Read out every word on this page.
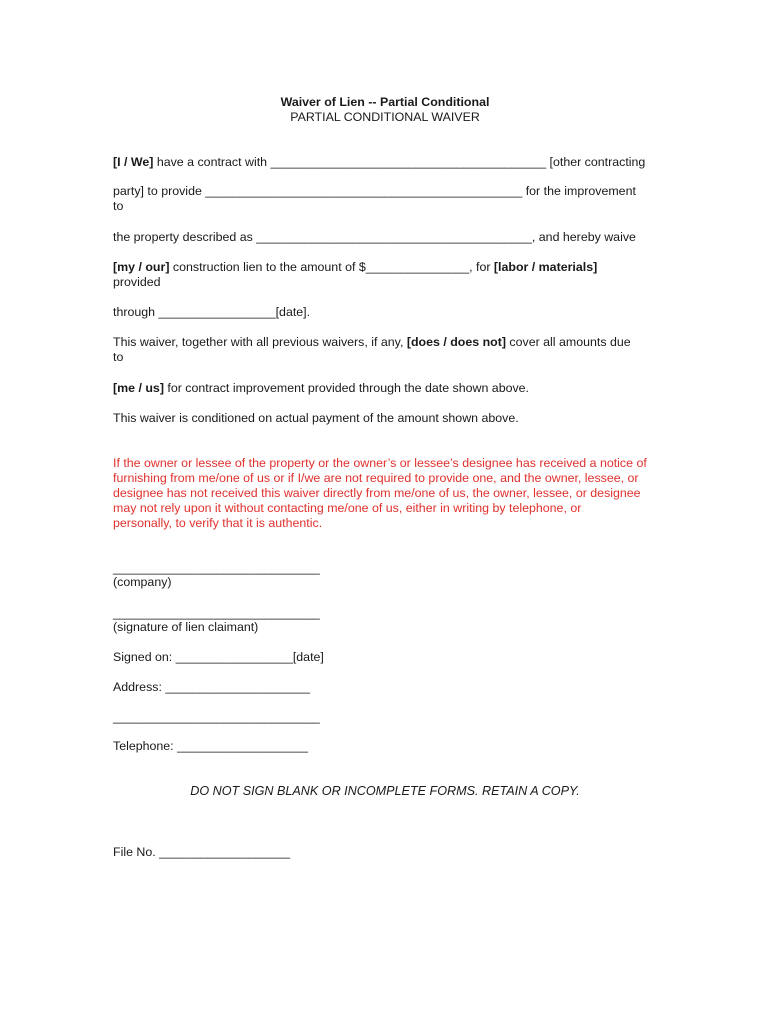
Waiver of Lien -- Partial Conditional

PARTIAL CONDITIONAL WAIVER

[I / We] have a contract with ________________________________________ [other contracting

party] to provide ______________________________________________ for the improvement

to

the property described as ________________________________________, and hereby waive

[my / our] construction lien to the amount of $_______________, for [labor / materials]

provided

through _________________[date].

This waiver, together with all previous waivers, if any, [does / does not] cover all amounts due

to

[me / us] for contract improvement provided through the date shown above.

This waiver is conditioned on actual payment of the amount shown above.

If the owner or lessee of the property or the owner’s or lessee’s designee has received a notice of

furnishing from me/one of us or if I/we are not required to provide one, and the owner, lessee, or

designee has not received this waiver directly from me/one of us, the owner, lessee, or designee

may not rely upon it without contacting me/one of us, either in writing by telephone, or

personally, to verify that it is authentic.

______________________________

(company)

______________________________

(signature of lien claimant)

Signed on: _________________[date]

Address: _____________________

______________________________

Telephone: ___________________

DO NOT SIGN BLANK OR INCOMPLETE FORMS. RETAIN A COPY.

File No. ___________________
